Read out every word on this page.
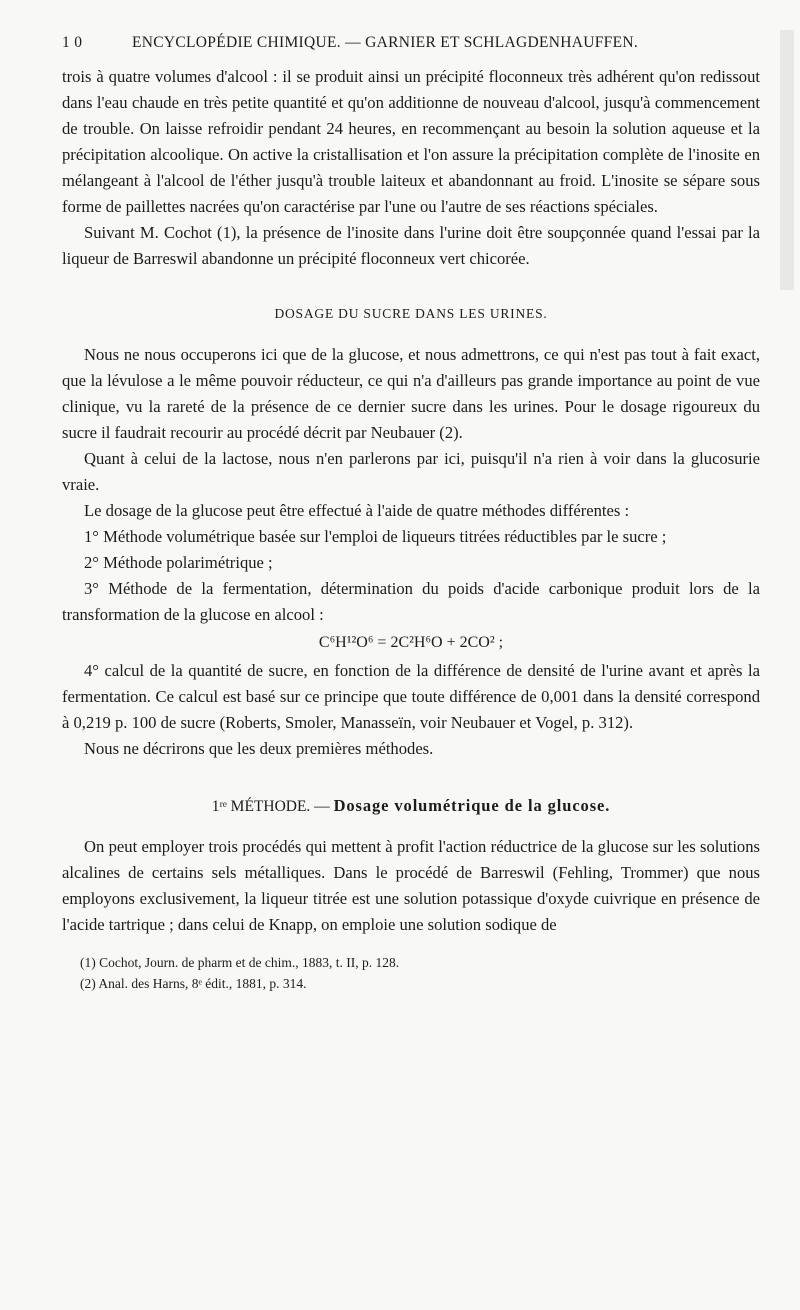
1 0	ENCYCLOPÉDIE CHIMIQUE. — GARNIER ET SCHLAGDENHAUFFEN.

trois à quatre volumes d'alcool : il se produit ainsi un précipité floconneux très adhérent qu'on redissout dans l'eau chaude en très petite quantité et qu'on additionne de nouveau d'alcool, jusqu'à commencement de trouble. On laisse refroidir pendant 24 heures, en recommençant au besoin la solution aqueuse et la précipitation alcoolique. On active la cristallisation et l'on assure la précipitation complète de l'inosite en mélangeant à l'alcool de l'éther jusqu'à trouble laiteux et abandonnant au froid. L'inosite se sépare sous forme de paillettes nacrées qu'on caractérise par l'une ou l'autre de ses réactions spéciales.

Suivant M. Cochot (1), la présence de l'inosite dans l'urine doit être soupçonnée quand l'essai par la liqueur de Barreswil abandonne un précipité floconneux vert chicorée.

DOSAGE DU SUCRE DANS LES URINES.

Nous ne nous occuperons ici que de la glucose, et nous admettrons, ce qui n'est pas tout à fait exact, que la lévulose a le même pouvoir réducteur, ce qui n'a d'ailleurs pas grande importance au point de vue clinique, vu la rareté de la présence de ce dernier sucre dans les urines. Pour le dosage rigoureux du sucre il faudrait recourir au procédé décrit par Neubauer (2).

Quant à celui de la lactose, nous n'en parlerons par ici, puisqu'il n'a rien à voir dans la glucosurie vraie.

Le dosage de la glucose peut être effectué à l'aide de quatre méthodes différentes :

1° Méthode volumétrique basée sur l'emploi de liqueurs titrées réductibles par le sucre ;

2° Méthode polarimétrique ;

3° Méthode de la fermentation, détermination du poids d'acide carbonique produit lors de la transformation de la glucose en alcool :

C⁶H¹²O⁶ = 2C²H⁶O + 2CO² ;

4° calcul de la quantité de sucre, en fonction de la différence de densité de l'urine avant et après la fermentation. Ce calcul est basé sur ce principe que toute différence de 0,001 dans la densité correspond à 0,219 p. 100 de sucre (Roberts, Smoler, Manasseïn, voir Neubauer et Vogel, p. 312).

Nous ne décrirons que les deux premières méthodes.

1ʳᵉ MÉTHODE. — Dosage volumétrique de la glucose.

On peut employer trois procédés qui mettent à profit l'action réductrice de la glucose sur les solutions alcalines de certains sels métalliques. Dans le procédé de Barreswil (Fehling, Trommer) que nous employons exclusivement, la liqueur titrée est une solution potassique d'oxyde cuivrique en présence de l'acide tartrique ; dans celui de Knapp, on emploie une solution sodique de

(1) Cochot, Journ. de pharm et de chim., 1883, t. II, p. 128.

(2) Anal. des Harns, 8ᵉ édit., 1881, p. 314.
